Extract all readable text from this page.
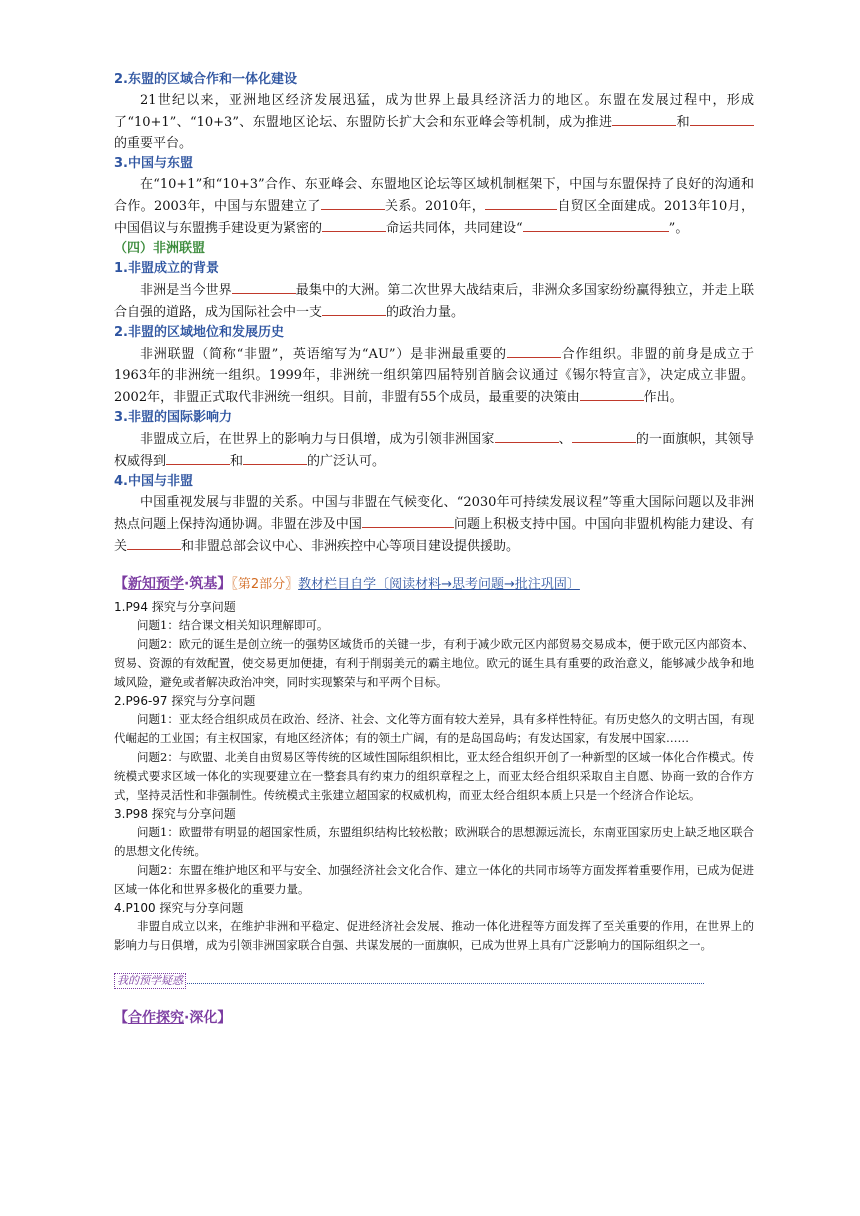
2.东盟的区域合作和一体化建设

21世纪以来，亚洲地区经济发展迅猛，成为世界上最具经济活力的地区。东盟在发展过程中，形成了“10+1”、“10+3”、东盟地区论坛、东盟防长扩大会和东亚峰会等机制，成为推进	和的重要平台。

3.中国与东盟

在“10+1”和“10+3”合作、东亚峰会、东盟地区论坛等区域机制框架下，中国与东盟保持了良好的沟通和合作。2003年，中国与东盟建立了	关系。2010年，	自贸区全面建成。2013年10月，中国倡议与东盟携手建设更为紧密的	命运共同体，共同建设“	”。

（四）非洲联盟

1.非盟成立的背景

非洲是当今世界	最集中的大洲。第二次世界大战结束后，非洲众多国家纷纷赢得独立，并走上联合自强的道路，成为国际社会中一支	的政治力量。

2.非盟的区域地位和发展历史

非洲联盟（简称“非盟”，英语缩写为“AU”）是非洲最重要的	合作组织。非盟的前身是成立于1963年的非洲统一组织。1999年，非洲统一组织第四届特别首脑会议通过《锡尔特宣言》，决定成立非盟。2002年，非盟正式取代非洲统一组织。目前，非盟有55个成员，最重要的决策由	作出。

3.非盟的国际影响力

非盟成立后，在世界上的影响力与日俱增，成为引领非洲国家	、	的一面旗帜，其领导权威得到	和	的广泛认可。

4.中国与非盟

中国重视发展与非盟的关系。中国与非盟在气候变化、“2030年可持续发展议程”等重大国际问题以及非洲热点问题上保持沟通协调。非盟在涉及中国	问题上积极支持中国。中国向非盟机构能力建设、有关	和非盟总部会议中心、非洲疾控中心等项目建设提供援助。

【新知预学·筑基】〖第2部分〗教材栏目自学〔阅读材料→思考问题→批注巩固〕

1.P94 探究与分享问题

问题1：结合课文相关知识理解即可。

问题2：欧元的诞生是创立统一的强势区域货币的关键一步，有利于减少欧元区内部贸易交易成本，便于欧元区内部资本、贸易、资源的有效配置，使交易更加便捷，有利于削弱美元的霸主地位。欧元的诞生具有重要的政治意义，能够减少战争和地域风险，避免或者解决政治冲突，同时实现繁荣与和平两个目标。

2.P96-97 探究与分享问题

问题1：亚太经合组织成员在政治、经济、社会、文化等方面有较大差异，具有多样性特征。有历史悠久的文明古国，有现代崛起的工业国；有主权国家，有地区经济体；有的领土广阔，有的是岛国岛屿；有发达国家，有发展中国家……

问题2：与欧盟、北美自由贸易区等传统的区域性国际组织相比，亚太经合组织开创了一种新型的区域一体化合作模式。传统模式要求区域一体化的实现要建立在一整套具有约束力的组织章程之上，而亚太经合组织采取自主自愿、协商一致的合作方式，坚持灵活性和非强制性。传统模式主张建立超国家的权威机构，而亚太经合组织本质上只是一个经济合作论坛。

3.P98 探究与分享问题

问题1：欧盟带有明显的超国家性质，东盟组织结构比较松散；欧洲联合的思想源远流长，东南亚国家历史上缺乏地区联合的思想文化传统。

问题2：东盟在维护地区和平与安全、加强经济社会文化合作、建立一体化的共同市场等方面发挥着重要作用，已成为促进区域一体化和世界多极化的重要力量。

4.P100 探究与分享问题

非盟自成立以来，在维护非洲和平稳定、促进经济社会发展、推动一体化进程等方面发挥了至关重要的作用，在世界上的影响力与日俱增，成为引领非洲国家联合自强、共谋发展的一面旗帜，已成为世界上具有广泛影响力的国际组织之一。

我的预学疑惑
【合作探究·深化】
